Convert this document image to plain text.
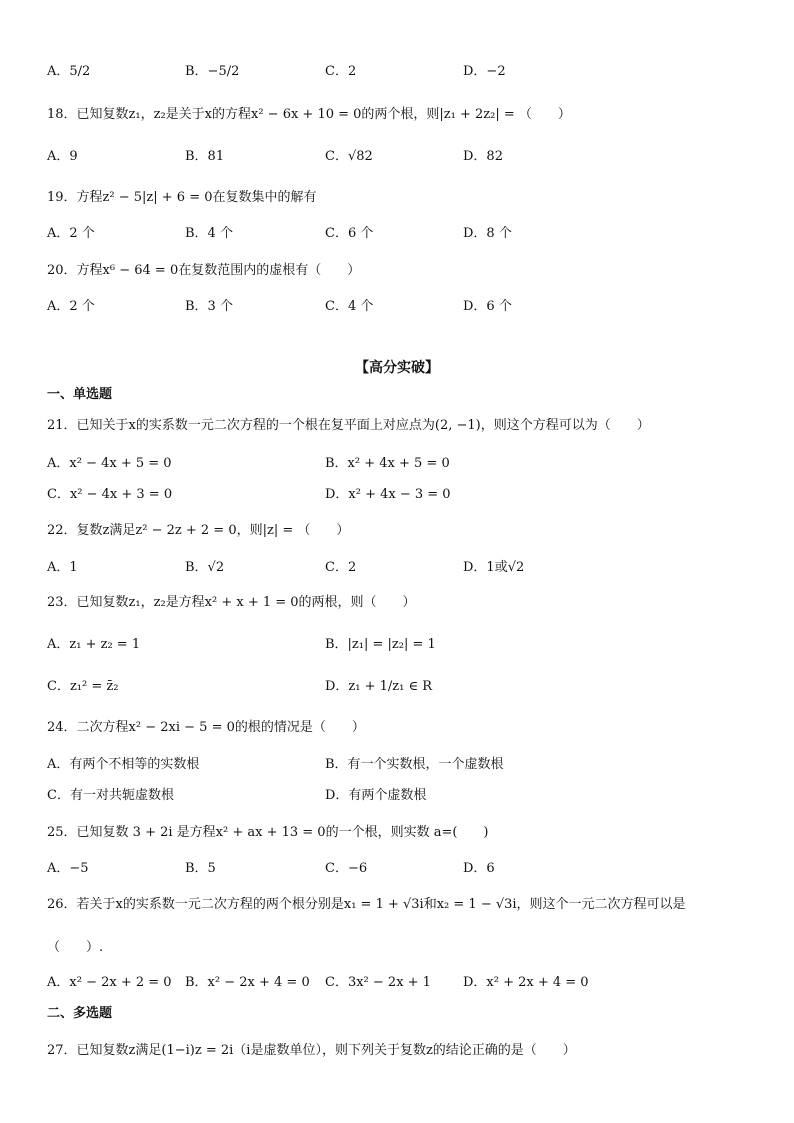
A．5/2	B．−5/2	C．2	D．−2
18．已知复数z₁，z₂是关于x的方程x² − 6x + 10 = 0的两个根，则|z₁ + 2z₂| = （　　）
A．9	B．81	C．√82	D．82
19．方程z² − 5|z| + 6 = 0在复数集中的解有
A．2 个	B．4 个	C．6 个	D．8 个
20．方程x⁶ − 64 = 0在复数范围内的虚根有（　　）
A．2 个	B．3 个	C．4 个	D．6 个
【高分实破】
一、单选题
21．已知关于x的实系数一元二次方程的一个根在复平面上对应点为(2, −1)，则这个方程可以为（　　）
A．x² − 4x + 5 = 0	B．x² + 4x + 5 = 0
C．x² − 4x + 3 = 0	D．x² + 4x − 3 = 0
22．复数z满足z² − 2z + 2 = 0，则|z| = （　　）
A．1	B．√2	C．2	D．1或√2
23．已知复数z₁，z₂是方程x² + x + 1 = 0的两根，则（　　）
A．z₁ + z₂ = 1	B．|z₁| = |z₂| = 1
C．z₁² = z̄₂	D．z₁ + 1/z₁ ∈ R
24．二次方程x² − 2xi − 5 = 0的根的情况是（　　）
A．有两个不相等的实数根	B．有一个实数根，一个虚数根
C．有一对共轭虚数根	D．有两个虚数根
25．已知复数 3 + 2i 是方程x² + ax + 13 = 0的一个根，则实数 a=(　　)
A．−5	B．5	C．−6	D．6
26．若关于x的实系数一元二次方程的两个根分别是x₁ = 1 + √3i和x₂ = 1 − √3i，则这个一元二次方程可以是
（　　）.
A．x² − 2x + 2 = 0 B．x² − 2x + 4 = 0 C．3x² − 2x + 1 D．x² + 2x + 4 = 0
二、多选题
27．已知复数z满足(1−i)z = 2i（i是虚数单位），则下列关于复数z的结论正确的是（　　）
